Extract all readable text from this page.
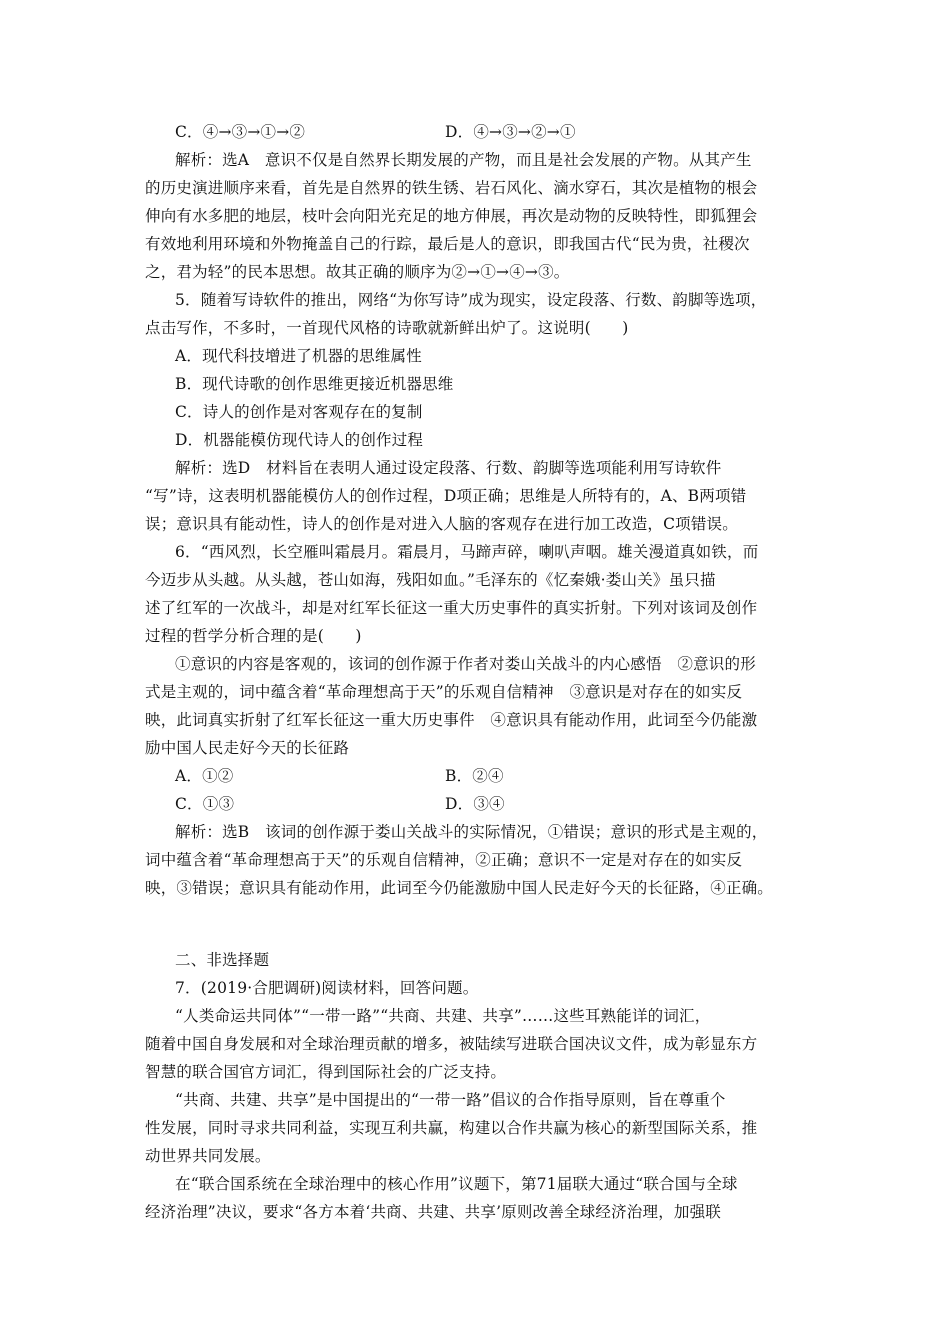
C．④→③→①→②	D．④→③→②→①
解析：选A　意识不仅是自然界长期发展的产物，而且是社会发展的产物。从其产生
的历史演进顺序来看，首先是自然界的铁生锈、岩石风化、滴水穿石，其次是植物的根会
伸向有水多肥的地层，枝叶会向阳光充足的地方伸展，再次是动物的反映特性，即狐狸会
有效地利用环境和外物掩盖自己的行踪，最后是人的意识，即我国古代“民为贵，社稷次
之，君为轻”的民本思想。故其正确的顺序为②→①→④→③。
5．随着写诗软件的推出，网络“为你写诗”成为现实，设定段落、行数、韵脚等选项，
点击写作，不多时，一首现代风格的诗歌就新鲜出炉了。这说明(　　)
A．现代科技增进了机器的思维属性
B．现代诗歌的创作思维更接近机器思维
C．诗人的创作是对客观存在的复制
D．机器能模仿现代诗人的创作过程
解析：选D　材料旨在表明人通过设定段落、行数、韵脚等选项能利用写诗软件
“写”诗，这表明机器能模仿人的创作过程，D项正确；思维是人所特有的，A、B两项错
误；意识具有能动性，诗人的创作是对进入人脑的客观存在进行加工改造，C项错误。
6．“西风烈，长空雁叫霜晨月。霜晨月，马蹄声碎，喇叭声咽。雄关漫道真如铁，而
今迈步从头越。从头越，苍山如海，残阳如血。”毛泽东的《忆秦娥·娄山关》虽只描
述了红军的一次战斗，却是对红军长征这一重大历史事件的真实折射。下列对该词及创作
过程的哲学分析合理的是(　　)
①意识的内容是客观的，该词的创作源于作者对娄山关战斗的内心感悟　②意识的形
式是主观的，词中蕴含着“革命理想高于天”的乐观自信精神　③意识是对存在的如实反
映，此词真实折射了红军长征这一重大历史事件　④意识具有能动作用，此词至今仍能激
励中国人民走好今天的长征路
A．①②	B．②④
C．①③	D．③④
解析：选B　该词的创作源于娄山关战斗的实际情况，①错误；意识的形式是主观的，
词中蕴含着“革命理想高于天”的乐观自信精神，②正确；意识不一定是对存在的如实反
映，③错误；意识具有能动作用，此词至今仍能激励中国人民走好今天的长征路，④正确。
二、非选择题
7．(2019·合肥调研)阅读材料，回答问题。
“人类命运共同体”“一带一路”“共商、共建、共享”……这些耳熟能详的词汇，
随着中国自身发展和对全球治理贡献的增多，被陆续写进联合国决议文件，成为彰显东方
智慧的联合国官方词汇，得到国际社会的广泛支持。
“共商、共建、共享”是中国提出的“一带一路”倡议的合作指导原则，旨在尊重个
性发展，同时寻求共同利益，实现互利共赢，构建以合作共赢为核心的新型国际关系，推
动世界共同发展。
在“联合国系统在全球治理中的核心作用”议题下，第71届联大通过“联合国与全球
经济治理”决议，要求“各方本着‘共商、共建、共享’原则改善全球经济治理，加强联
